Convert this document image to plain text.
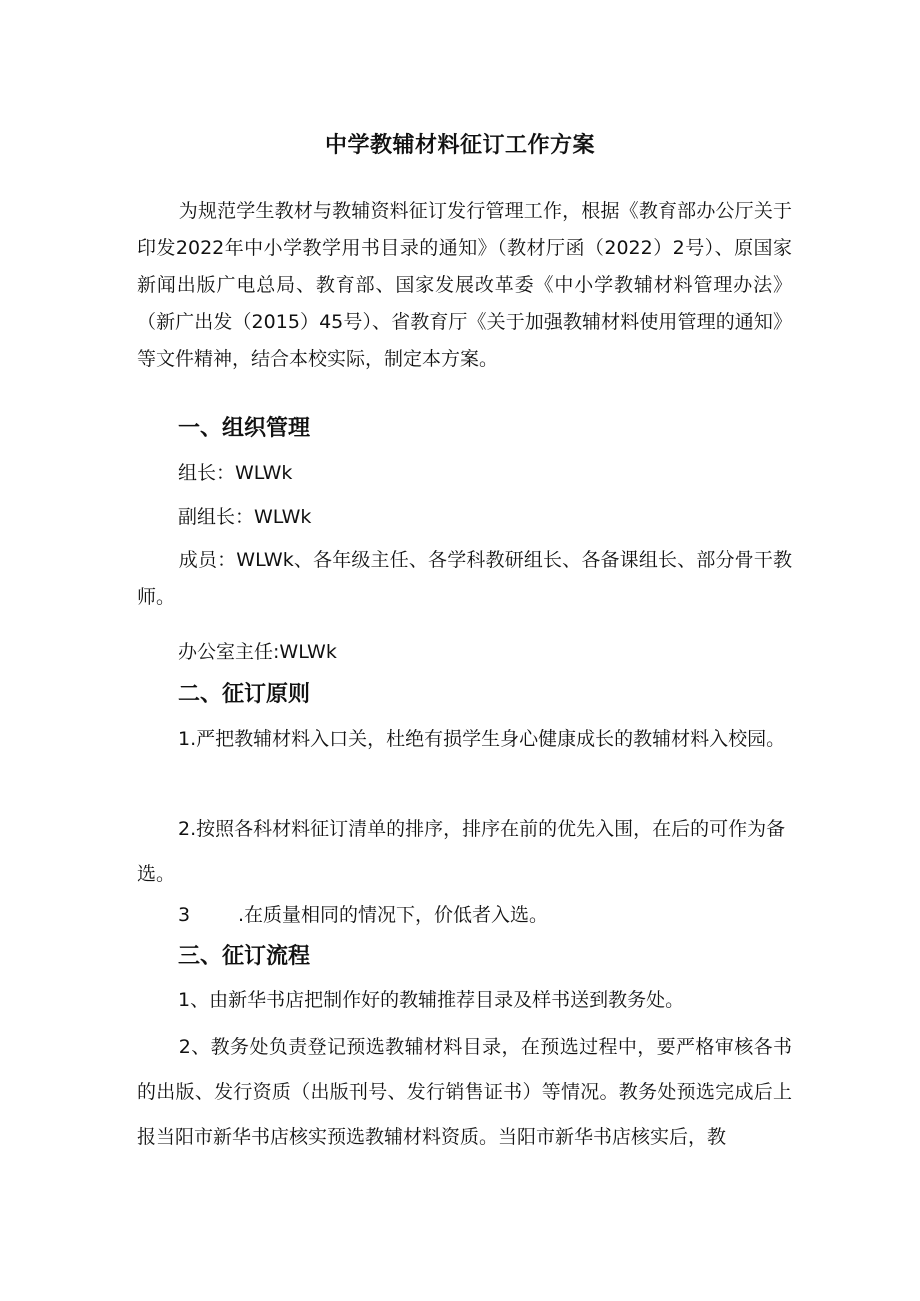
中学教辅材料征订工作方案

为规范学生教材与教辅资料征订发行管理工作，根据《教育部办公厅关于印发2022年中小学教学用书目录的通知》（教材厅函（2022）2号）、原国家新闻出版广电总局、教育部、国家发展改革委《中小学教辅材料管理办法》（新广出发（2015）45号）、省教育厅《关于加强教辅材料使用管理的通知》等文件精神，结合本校实际，制定本方案。

一、组织管理
组长：WLWk
副组长：WLWk

成员：WLWk、各年级主任、各学科教研组长、各备课组长、部分骨干教师。

办公室主任:WLWk
二、征订原则
1.严把教辅材料入口关，杜绝有损学生身心健康成长的教辅材料入校园。
2.按照各科材料征订清单的排序，排序在前的优先入围，在后的可作为备选。
3	.在质量相同的情况下，价低者入选。
三、征订流程
1、由新华书店把制作好的教辅推荐目录及样书送到教务处。

2、教务处负责登记预选教辅材料目录，在预选过程中，要严格审核各书的出版、发行资质（出版刊号、发行销售证书）等情况。教务处预选完成后上报当阳市新华书店核实预选教辅材料资质。当阳市新华书店核实后，教
